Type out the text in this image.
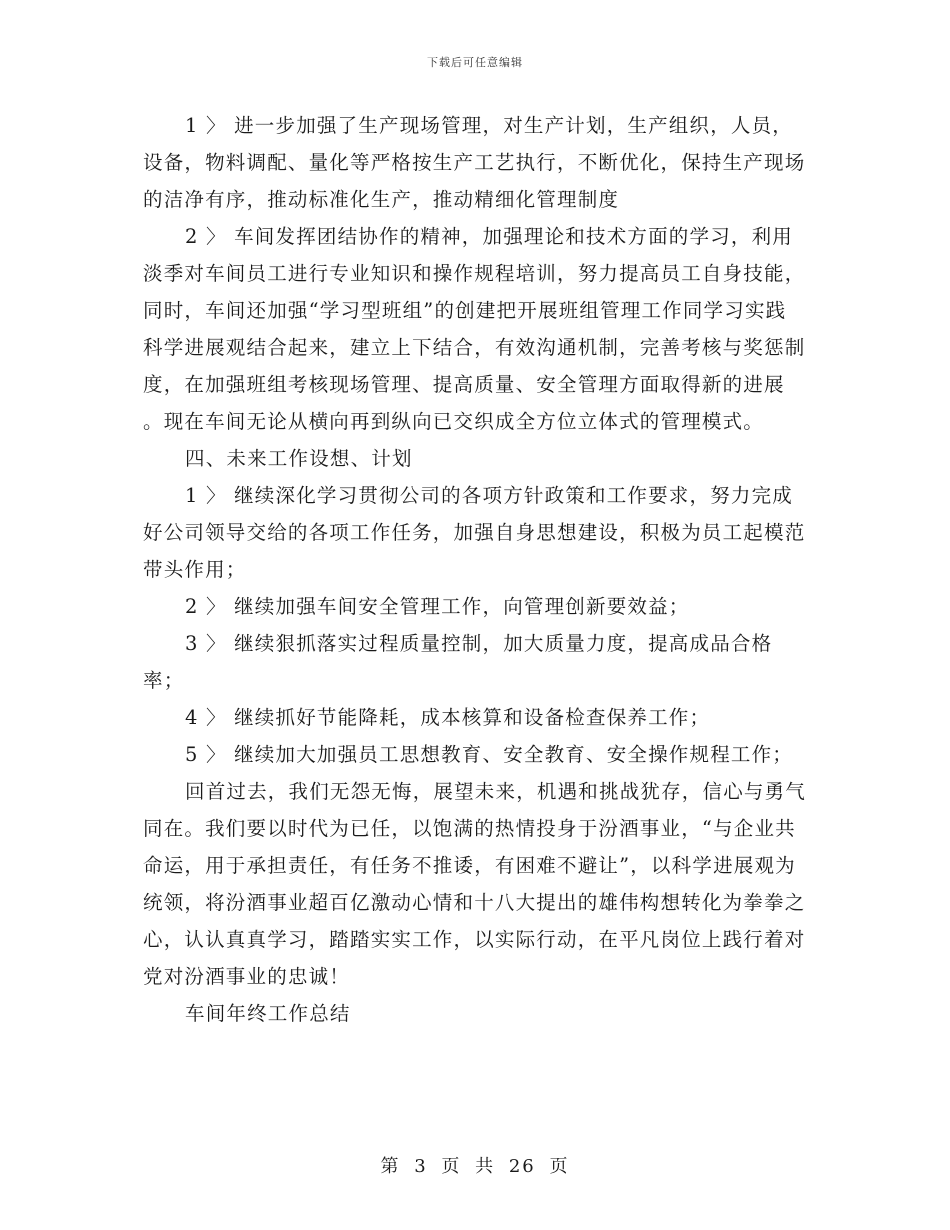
下载后可任意编辑

1 〉 进一步加强了生产现场管理，对生产计划，生产组织，人员，设备，物料调配、量化等严格按生产工艺执行，不断优化，保持生产现场的洁净有序，推动标准化生产，推动精细化管理制度

2 〉 车间发挥团结协作的精神，加强理论和技术方面的学习，利用淡季对车间员工进行专业知识和操作规程培训，努力提高员工自身技能，同时，车间还加强“学习型班组”的创建把开展班组管理工作同学习实践科学进展观结合起来，建立上下结合，有效沟通机制，完善考核与奖惩制度，在加强班组考核现场管理、提高质量、安全管理方面取得新的进展 。现在车间无论从横向再到纵向已交织成全方位立体式的管理模式。

四、未来工作设想、计划

1 〉 继续深化学习贯彻公司的各项方针政策和工作要求，努力完成好公司领导交给的各项工作任务，加强自身思想建设，积极为员工起模范带头作用；

2 〉 继续加强车间安全管理工作，向管理创新要效益；

3 〉 继续狠抓落实过程质量控制，加大质量力度，提高成品合格率；

4 〉 继续抓好节能降耗，成本核算和设备检查保养工作；

5 〉 继续加大加强员工思想教育、安全教育、安全操作规程工作；

回首过去，我们无怨无悔，展望未来，机遇和挑战犹存，信心与勇气同在。我们要以时代为已任，以饱满的热情投身于汾酒事业，“与企业共命运，用于承担责任，有任务不推诿，有困难不避让”，以科学进展观为统领，将汾酒事业超百亿激动心情和十八大提出的雄伟构想转化为拳拳之心，认认真真学习，踏踏实实工作，以实际行动，在平凡岗位上践行着对党对汾酒事业的忠诚！

车间年终工作总结

第 3 页 共 26 页
